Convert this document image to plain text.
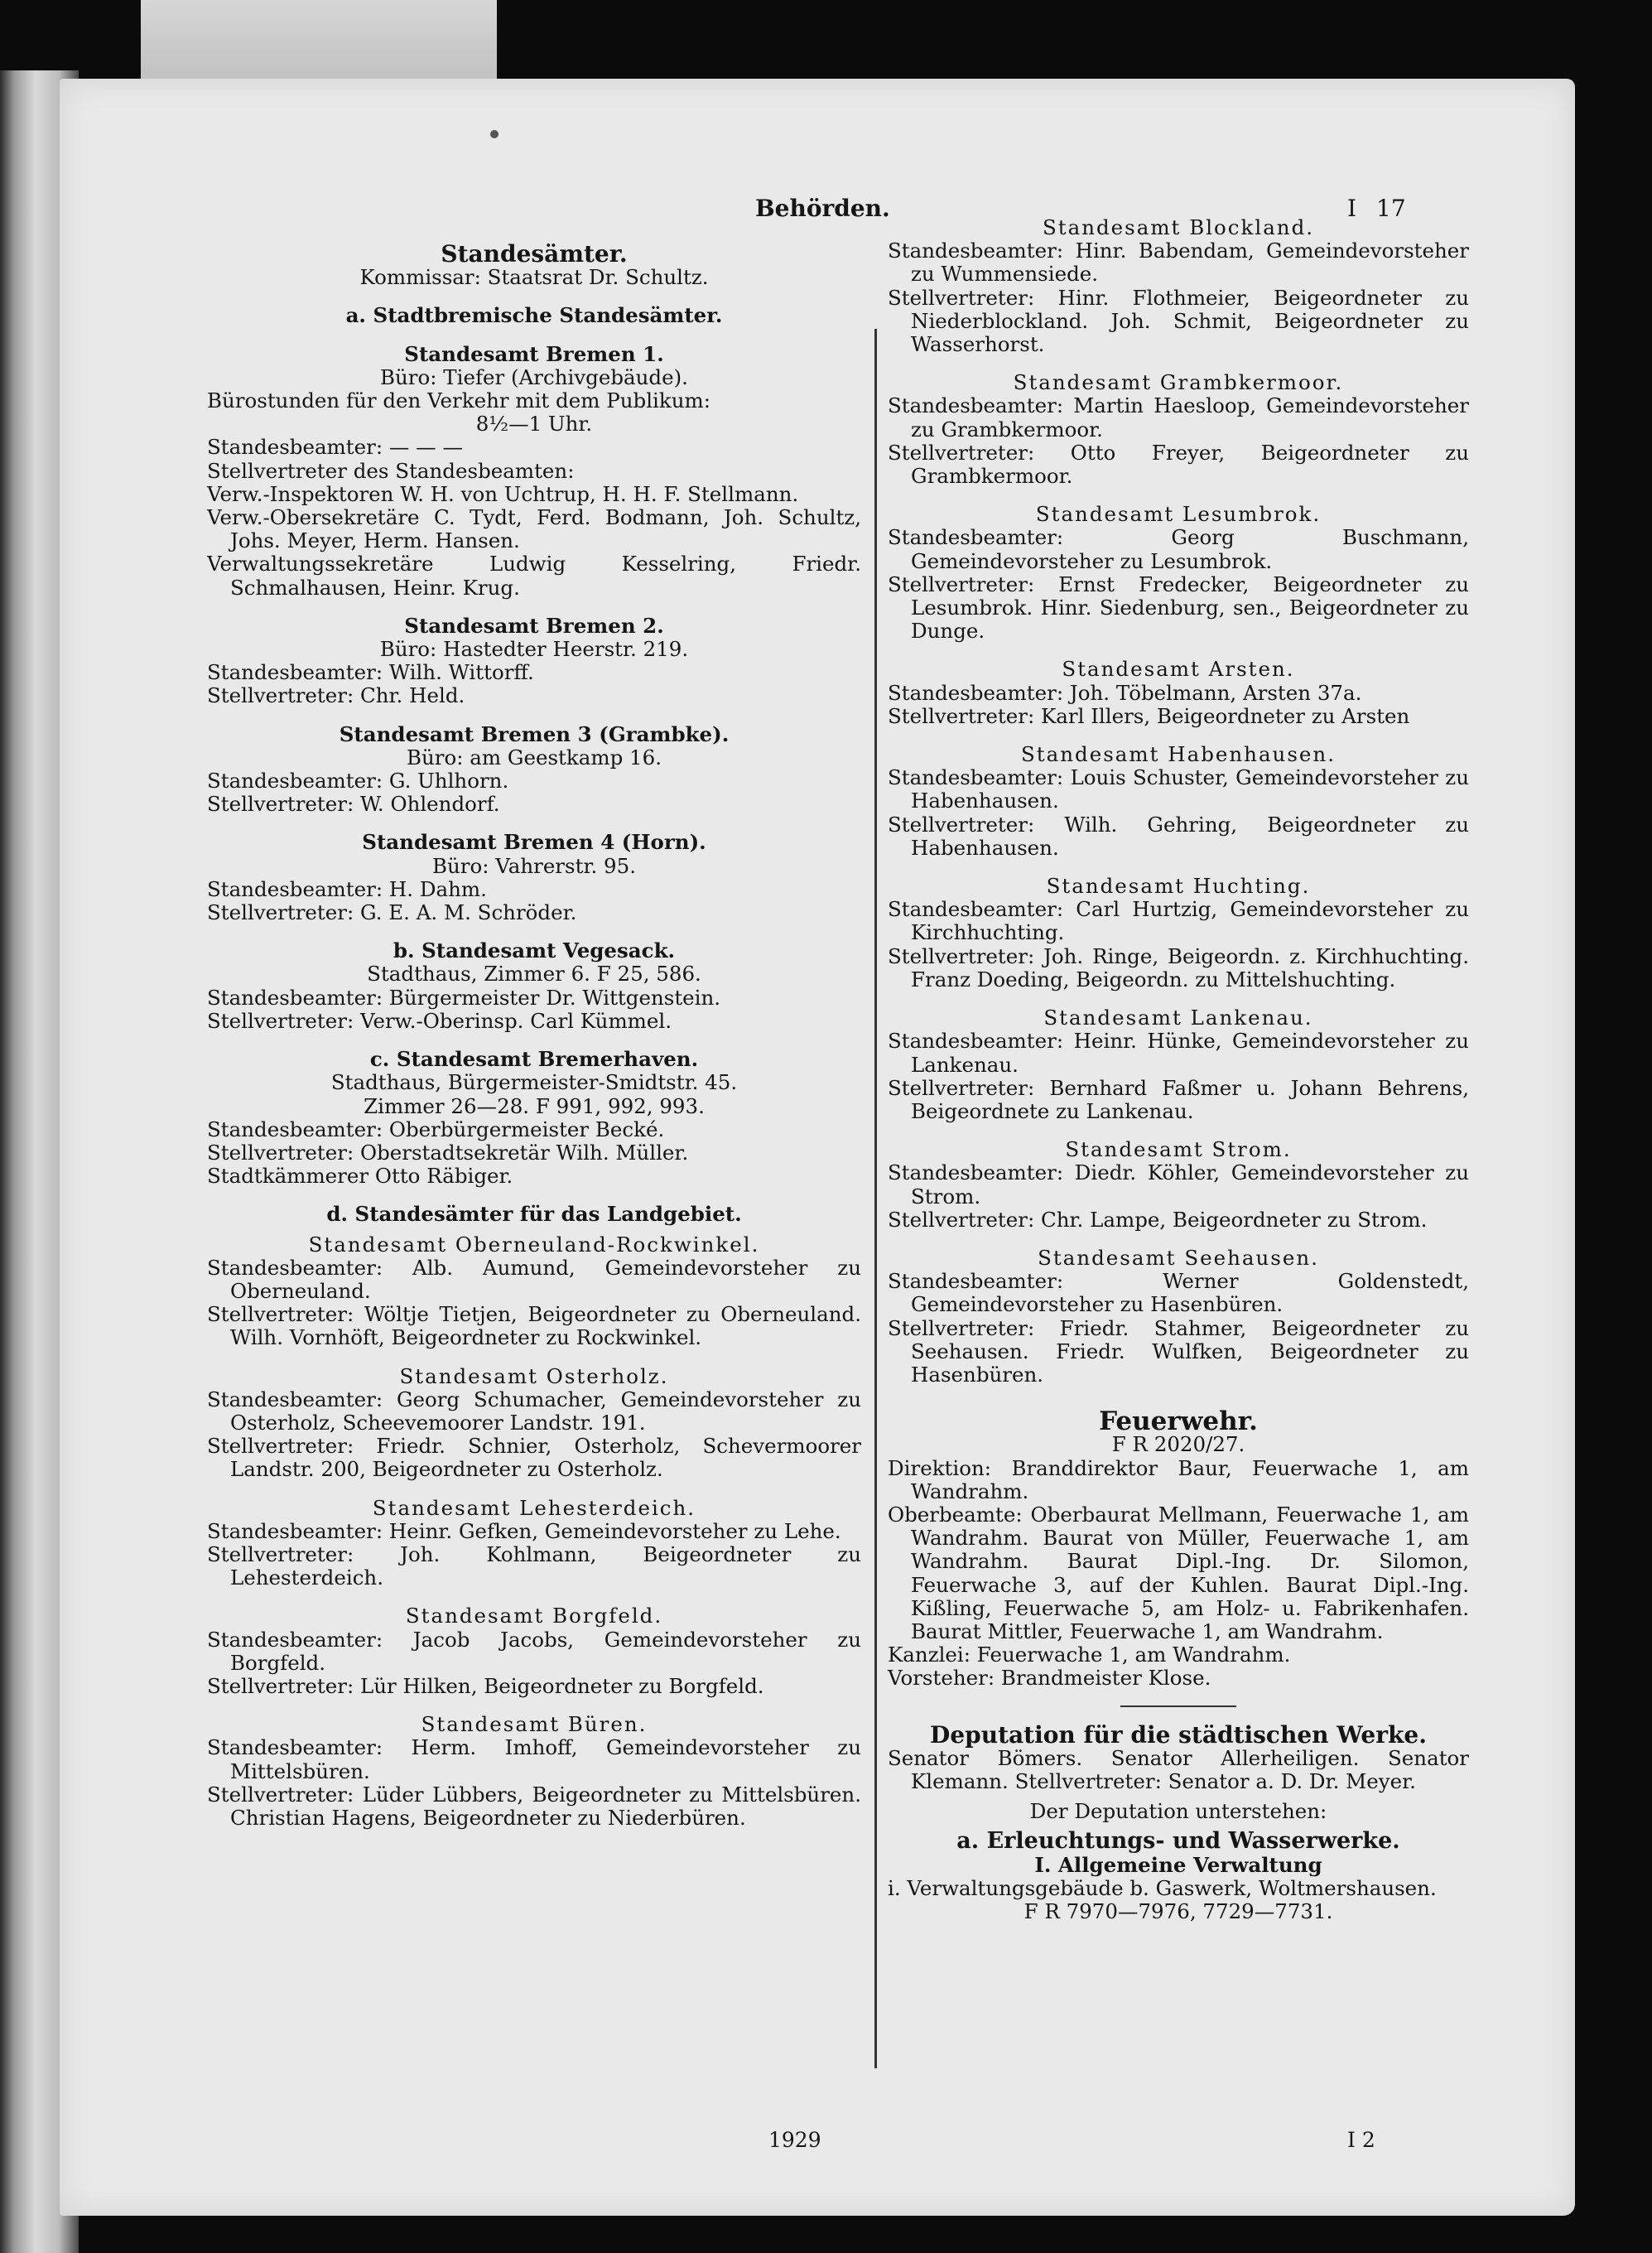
Behörden.	I 17

Standesämter.

Kommissar: Staatsrat Dr. Schultz.

a. Stadtbremische Standesämter.

Standesamt Bremen 1.

Büro: Tiefer (Archivgebäude).

Bürostunden für den Verkehr mit dem Publikum:

8½—1 Uhr.

Standesbeamter: — — —

Stellvertreter des Standesbeamten:

Verw.-Inspektoren W. H. von Uchtrup, H. H. F. Stellmann.

Verw.-Obersekretäre C. Tydt, Ferd. Bodmann, Joh. Schultz, Johs. Meyer, Herm. Hansen.

Verwaltungssekretäre Ludwig Kesselring, Friedr. Schmalhausen, Heinr. Krug.

Standesamt Bremen 2.

Büro: Hastedter Heerstr. 219.

Standesbeamter: Wilh. Wittorff.

Stellvertreter: Chr. Held.

Standesamt Bremen 3 (Grambke).

Büro: am Geestkamp 16.

Standesbeamter: G. Uhlhorn.

Stellvertreter: W. Ohlendorf.

Standesamt Bremen 4 (Horn).

Büro: Vahrerstr. 95.

Standesbeamter: H. Dahm.

Stellvertreter: G. E. A. M. Schröder.

b. Standesamt Vegesack.

Stadthaus, Zimmer 6. F 25, 586.

Standesbeamter: Bürgermeister Dr. Wittgenstein.

Stellvertreter: Verw.-Oberinsp. Carl Kümmel.

c. Standesamt Bremerhaven.

Stadthaus, Bürgermeister-Smidtstr. 45.

Zimmer 26—28. F 991, 992, 993.

Standesbeamter: Oberbürgermeister Becké.

Stellvertreter: Oberstadtsekretär Wilh. Müller.

Stadtkämmerer Otto Räbiger.

d. Standesämter für das Landgebiet.

Standesamt Oberneuland-Rockwinkel.

Standesbeamter: Alb. Aumund, Gemeindevorsteher zu Oberneuland.

Stellvertreter: Wöltje Tietjen, Beigeordneter zu Oberneuland. Wilh. Vornhöft, Beigeordneter zu Rockwinkel.

Standesamt Osterholz.

Standesbeamter: Georg Schumacher, Gemeindevorsteher zu Osterholz, Scheevemoorer Landstr. 191.

Stellvertreter: Friedr. Schnier, Osterholz, Schevermoorer Landstr. 200, Beigeordneter zu Osterholz.

Standesamt Lehesterdeich.

Standesbeamter: Heinr. Gefken, Gemeindevorsteher zu Lehe.

Stellvertreter: Joh. Kohlmann, Beigeordneter zu Lehesterdeich.

Standesamt Borgfeld.

Standesbeamter: Jacob Jacobs, Gemeindevorsteher zu Borgfeld.

Stellvertreter: Lür Hilken, Beigeordneter zu Borgfeld.

Standesamt Büren.

Standesbeamter: Herm. Imhoff, Gemeindevorsteher zu Mittelsbüren.

Stellvertreter: Lüder Lübbers, Beigeordneter zu Mittelsbüren. Christian Hagens, Beigeordneter zu Niederbüren.

Standesamt Blockland.

Standesbeamter: Hinr. Babendam, Gemeindevorsteher zu Wummensiede.

Stellvertreter: Hinr. Flothmeier, Beigeordneter zu Niederblockland. Joh. Schmit, Beigeordneter zu Wasserhorst.

Standesamt Grambkermoor.

Standesbeamter: Martin Haesloop, Gemeindevorsteher zu Grambkermoor.

Stellvertreter: Otto Freyer, Beigeordneter zu Grambkermoor.

Standesamt Lesumbrok.

Standesbeamter: Georg Buschmann, Gemeindevorsteher zu Lesumbrok.

Stellvertreter: Ernst Fredecker, Beigeordneter zu Lesumbrok. Hinr. Siedenburg, sen., Beigeordneter zu Dunge.

Standesamt Arsten.

Standesbeamter: Joh. Töbelmann, Arsten 37a.

Stellvertreter: Karl Illers, Beigeordneter zu Arsten

Standesamt Habenhausen.

Standesbeamter: Louis Schuster, Gemeindevorsteher zu Habenhausen.

Stellvertreter: Wilh. Gehring, Beigeordneter zu Habenhausen.

Standesamt Huchting.

Standesbeamter: Carl Hurtzig, Gemeindevorsteher zu Kirchhuchting.

Stellvertreter: Joh. Ringe, Beigeordn. z. Kirchhuchting. Franz Doeding, Beigeordn. zu Mittelshuchting.

Standesamt Lankenau.

Standesbeamter: Heinr. Hünke, Gemeindevorsteher zu Lankenau.

Stellvertreter: Bernhard Faßmer u. Johann Behrens, Beigeordnete zu Lankenau.

Standesamt Strom.

Standesbeamter: Diedr. Köhler, Gemeindevorsteher zu Strom.

Stellvertreter: Chr. Lampe, Beigeordneter zu Strom.

Standesamt Seehausen.

Standesbeamter: Werner Goldenstedt, Gemeindevorsteher zu Hasenbüren.

Stellvertreter: Friedr. Stahmer, Beigeordneter zu Seehausen. Friedr. Wulfken, Beigeordneter zu Hasenbüren.

Feuerwehr.

F R 2020/27.

Direktion: Branddirektor Baur, Feuerwache 1, am Wandrahm.

Oberbeamte: Oberbaurat Mellmann, Feuerwache 1, am Wandrahm. Baurat von Müller, Feuerwache 1, am Wandrahm. Baurat Dipl.-Ing. Dr. Silomon, Feuerwache 3, auf der Kuhlen. Baurat Dipl.-Ing. Kißling, Feuerwache 5, am Holz- u. Fabrikenhafen. Baurat Mittler, Feuerwache 1, am Wandrahm.

Kanzlei: Feuerwache 1, am Wandrahm.

Vorsteher: Brandmeister Klose.

Deputation für die städtischen Werke.

Senator Bömers. Senator Allerheiligen. Senator Klemann. Stellvertreter: Senator a. D. Dr. Meyer.

Der Deputation unterstehen:

a. Erleuchtungs- und Wasserwerke.

I. Allgemeine Verwaltung

i. Verwaltungsgebäude b. Gaswerk, Woltmershausen.

F R 7970—7976, 7729—7731.

1929	I 2
